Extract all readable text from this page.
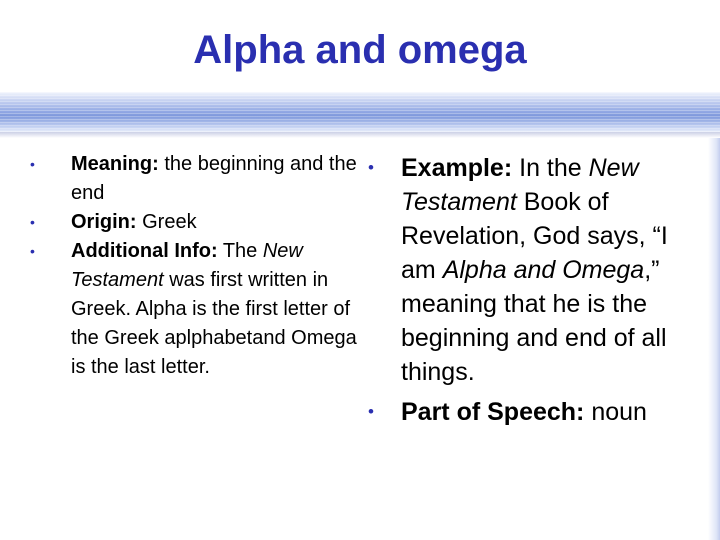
Alpha and omega
• Meaning: the beginning and the end
• Origin: Greek
• Additional Info: The New Testament was first written in Greek. Alpha is the first letter of the Greek aplphabetand Omega is the last letter.
• Example: In the New Testament Book of Revelation, God says, “I am Alpha and Omega,” meaning that he is the beginning and end of all things.
• Part of Speech: noun
